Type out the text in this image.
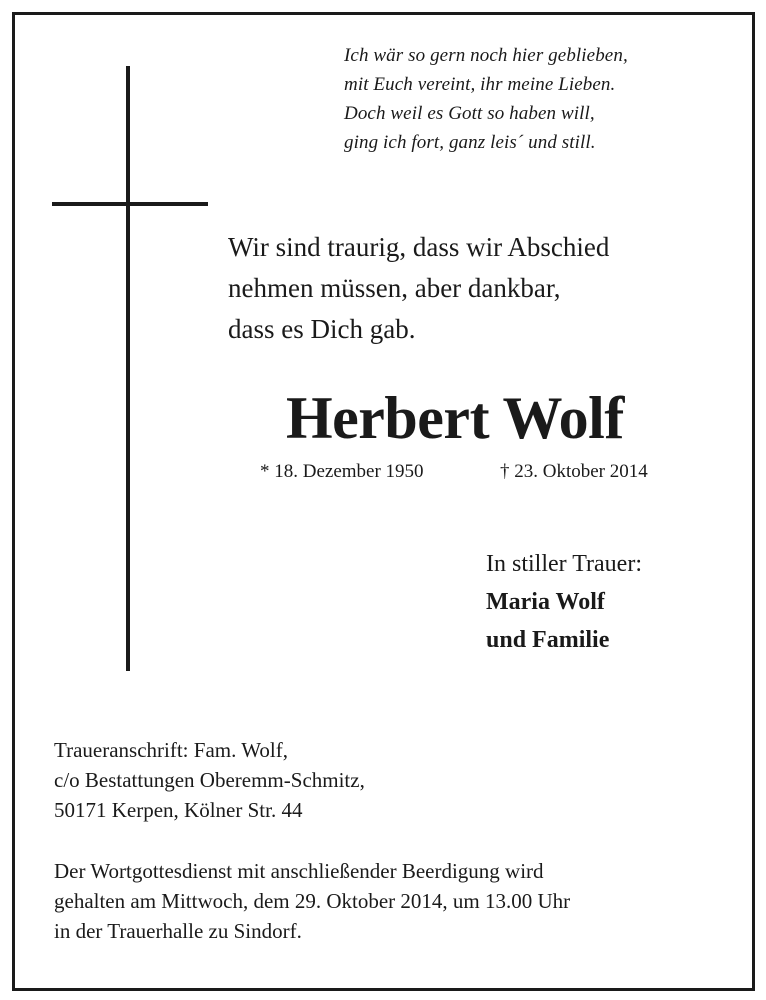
Ich wär so gern noch hier geblieben,
mit Euch vereint, ihr meine Lieben.
Doch weil es Gott so haben will,
ging ich fort, ganz leis´ und still.
Wir sind traurig, dass wir Abschied
nehmen müssen, aber dankbar,
dass es Dich gab.
Herbert Wolf
* 18. Dezember 1950	† 23. Oktober 2014
In stiller Trauer:
Maria Wolf
und Familie
Traueranschrift: Fam. Wolf,
c/o Bestattungen Oberemm-Schmitz,
50171 Kerpen, Kölner Str. 44
Der Wortgottesdienst mit anschließender Beerdigung wird
gehalten am Mittwoch, dem 29. Oktober 2014, um 13.00 Uhr
in der Trauerhalle zu Sindorf.
